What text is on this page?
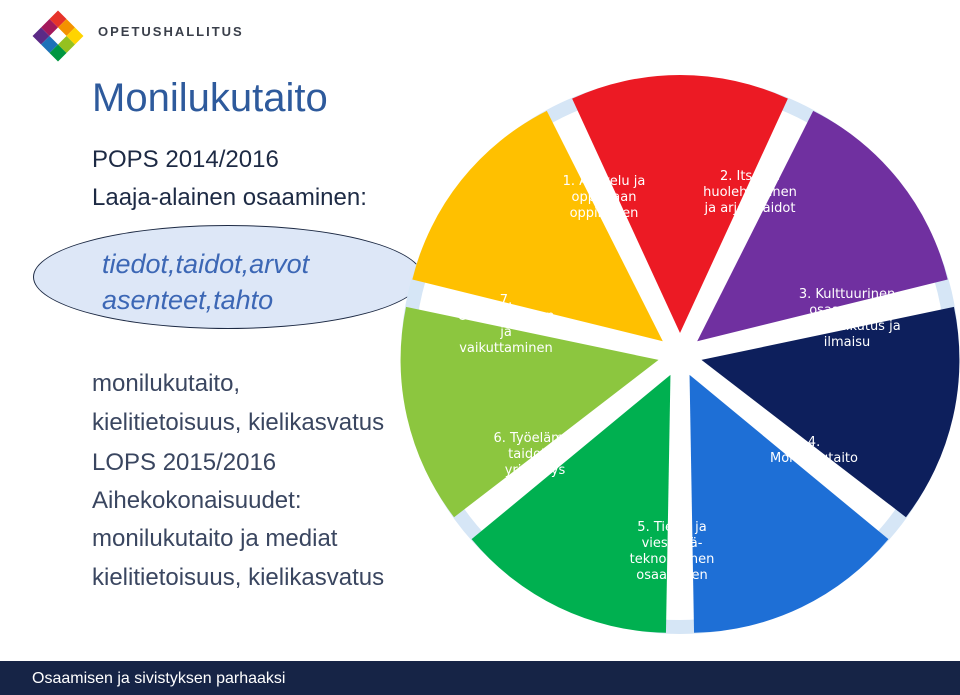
OPETUSHALLITUS
Monilukutaito
POPS 2014/2016
Laaja-alainen osaaminen:
tiedot,taidot,arvot
asenteet,tahto
monilukutaito,
kielitietoisuus, kielikasvatus
LOPS 2015/2016
Aihekokonaisuudet:
monilukutaito ja mediat
kielitietoisuus, kielikasvatus
1. Ajattelu ja oppimaan oppiminen
2. Itsestä huolehtiminen ja arjen taidot
3. Kulttuurinen osaaminen, vuorovaikutus ja ilmaisu
4. Monilukutaito
5. Tieto- ja viestintä-teknologinen osaaminen
6. Työelämä-taidot ja yrittäjyys
7. Osallistuminen ja vaikuttaminen
Osaamisen ja sivistyksen parhaaksi
